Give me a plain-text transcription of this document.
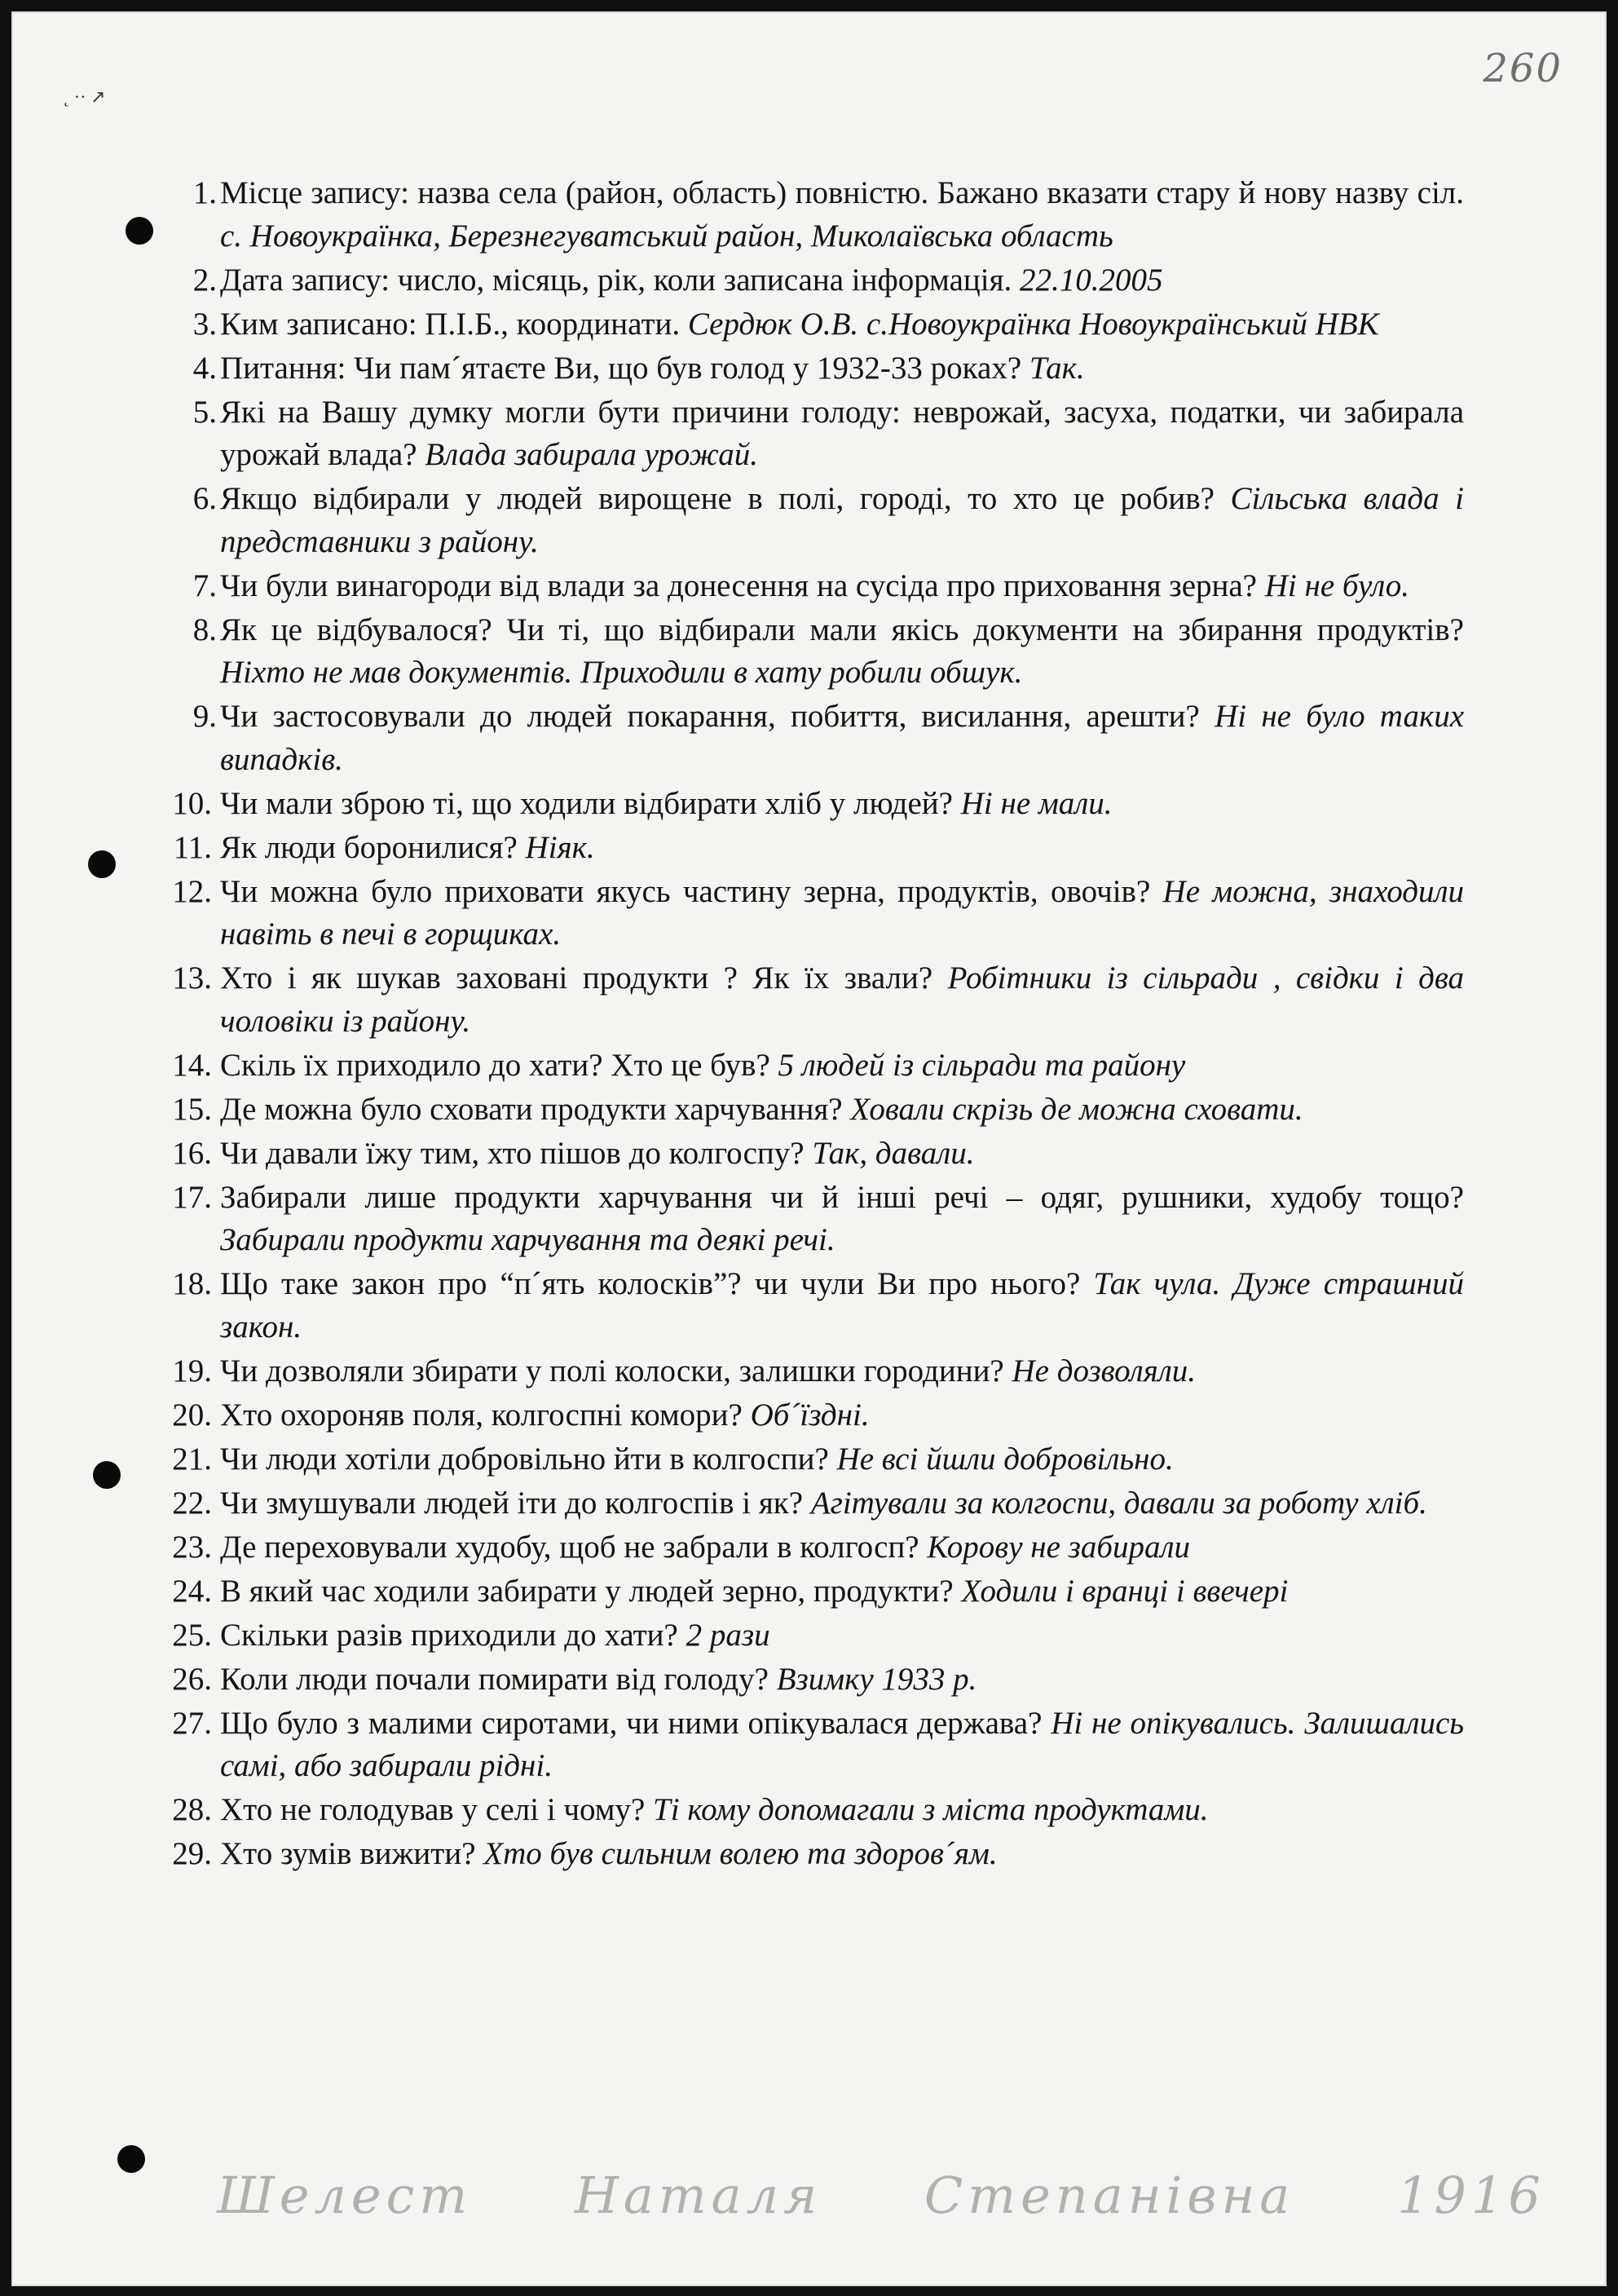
260
˛ ·· ↗
1. Місце запису: назва села (район, область) повністю. Бажано вказати стару й нову назву сіл. с. Новоукраїнка, Березнегуватський район, Миколаївська область
2. Дата запису: число, місяць, рік, коли записана інформація. 22.10.2005
3. Ким записано: П.І.Б., координати. Сердюк О.В. с.Новоукраїнка Новоукраїнський НВК
4. Питання: Чи пам´ятаєте Ви, що був голод у 1932-33 роках? Так.
5. Які на Вашу думку могли бути причини голоду: неврожай, засуха, податки, чи забирала урожай влада? Влада забирала урожай.
6. Якщо відбирали у людей вирощене в полі, городі, то хто це робив? Сільська влада і представники з району.
7. Чи були винагороди від влади за донесення на сусіда про приховання зерна? Ні не було.
8. Як це відбувалося? Чи ті, що відбирали мали якісь документи на збирання продуктів? Ніхто не мав документів. Приходили в хату робили обшук.
9. Чи застосовували до людей покарання, побиття, висилання, арешти? Ні не було таких випадків.
10. Чи мали зброю ті, що ходили відбирати хліб у людей? Ні не мали.
11. Як люди боронилися? Ніяк.
12. Чи можна було приховати якусь частину зерна, продуктів, овочів? Не можна, знаходили навіть в печі в горщиках.
13. Хто і як шукав заховані продукти ? Як їх звали? Робітники із сільради , свідки і два чоловіки із району.
14. Скіль їх приходило до хати? Хто це був? 5 людей із сільради та району
15. Де можна було сховати продукти харчування? Ховали скрізь де можна сховати.
16. Чи давали їжу тим, хто пішов до колгоспу? Так, давали.
17. Забирали лише продукти харчування чи й інші речі – одяг, рушники, худобу тощо? Забирали продукти харчування та деякі речі.
18. Що таке закон про “п´ять колосків”? чи чули Ви про нього? Так чула. Дуже страшний закон.
19. Чи дозволяли збирати у полі колоски, залишки городини? Не дозволяли.
20. Хто охороняв поля, колгоспні комори? Об´їздні.
21. Чи люди хотіли добровільно йти в колгоспи? Не всі йшли добровільно.
22. Чи змушували людей іти до колгоспів і як? Агітували за колгоспи, давали за роботу хліб.
23. Де переховували худобу, щоб не забрали в колгосп? Корову не забирали
24. В який час ходили забирати у людей зерно, продукти? Ходили і вранці і ввечері
25. Скільки разів приходили до хати? 2 рази
26. Коли люди почали помирати від голоду? Взимку 1933 р.
27. Що було з малими сиротами, чи ними опікувалася держава? Ні не опікувались. Залишались самі, або забирали рідні.
28. Хто не голодував у селі і чому? Ті кому допомагали з міста продуктами.
29. Хто зумів вижити? Хто був сильним волею та здоров´ям.
Шелест Наталя Степанівна 1916
